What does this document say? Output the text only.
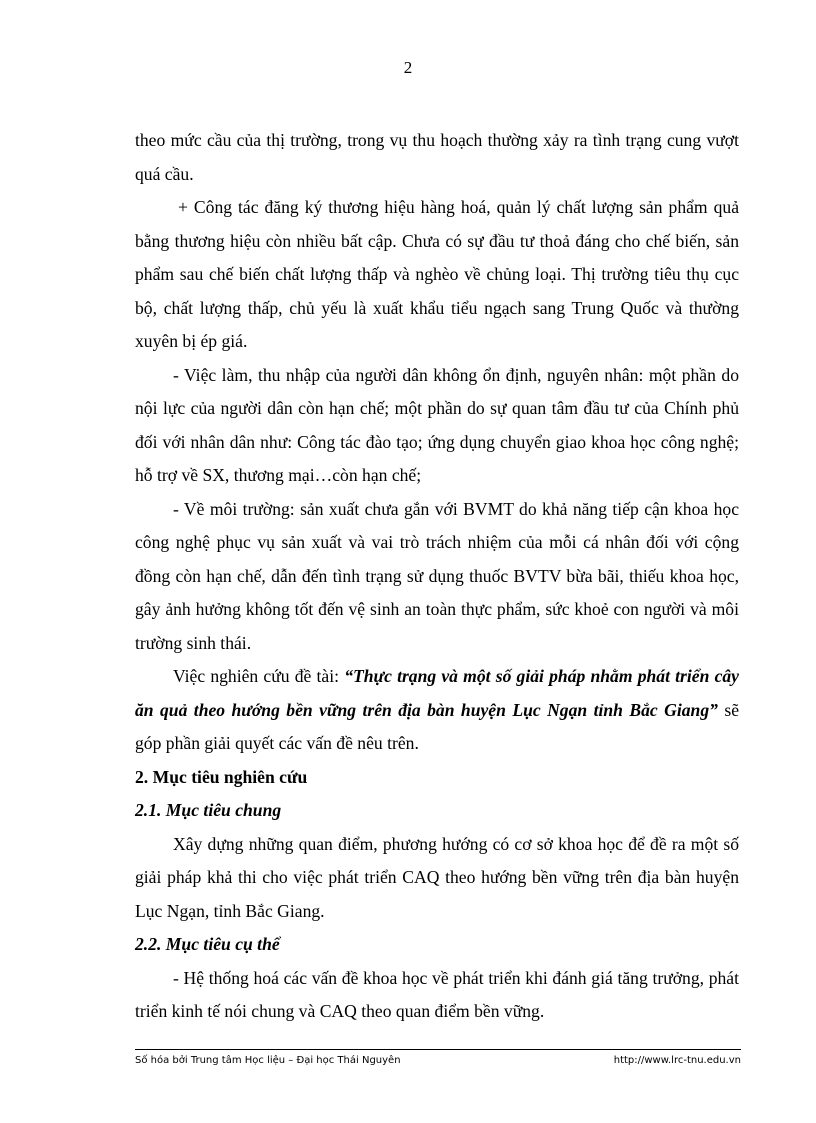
2

theo mức cầu của thị trường, trong vụ thu hoạch thường xảy ra tình trạng cung vượt quá cầu.

+ Công tác đăng ký thương hiệu hàng hoá, quản lý chất lượng sản phẩm quả bằng thương hiệu còn nhiều bất cập. Chưa có sự đầu tư thoả đáng cho chế biến, sản phẩm sau chế biến chất lượng thấp và nghèo về chủng loại. Thị trường tiêu thụ cục bộ, chất lượng thấp, chủ yếu là xuất khẩu tiểu ngạch sang Trung Quốc và thường xuyên bị ép giá.

- Việc làm, thu nhập của người dân không ổn định, nguyên nhân: một phần do nội lực của người dân còn hạn chế; một phần do sự quan tâm đầu tư của Chính phủ đối với nhân dân như: Công tác đào tạo; ứng dụng chuyển giao khoa học công nghệ; hỗ trợ về SX, thương mại…còn hạn chế;

- Về môi trường: sản xuất chưa gắn với BVMT do khả năng tiếp cận khoa học công nghệ phục vụ sản xuất và vai trò trách nhiệm của mỗi cá nhân đối với cộng đồng còn hạn chế, dẫn đến tình trạng sử dụng thuốc BVTV bừa bãi, thiếu khoa học, gây ảnh hưởng không tốt đến vệ sinh an toàn thực phẩm, sức khoẻ con người và môi trường sinh thái.

Việc nghiên cứu đề tài: “Thực trạng và một số giải pháp nhằm phát triển cây ăn quả theo hướng bền vững trên địa bàn huyện Lục Ngạn tỉnh Bắc Giang” sẽ góp phần giải quyết các vấn đề nêu trên.

2. Mục tiêu nghiên cứu

2.1. Mục tiêu chung

Xây dựng những quan điểm, phương hướng có cơ sở khoa học để đề ra một số giải pháp khả thi cho việc phát triển CAQ theo hướng bền vững trên địa bàn huyện Lục Ngạn, tỉnh Bắc Giang.

2.2. Mục tiêu cụ thể

- Hệ thống hoá các vấn đề khoa học về phát triển khi đánh giá tăng trưởng, phát triển kinh tế nói chung và CAQ theo quan điểm bền vững.

Số hóa bởi Trung tâm Học liệu – Đại học Thái Nguyên	http://www.lrc-tnu.edu.vn
